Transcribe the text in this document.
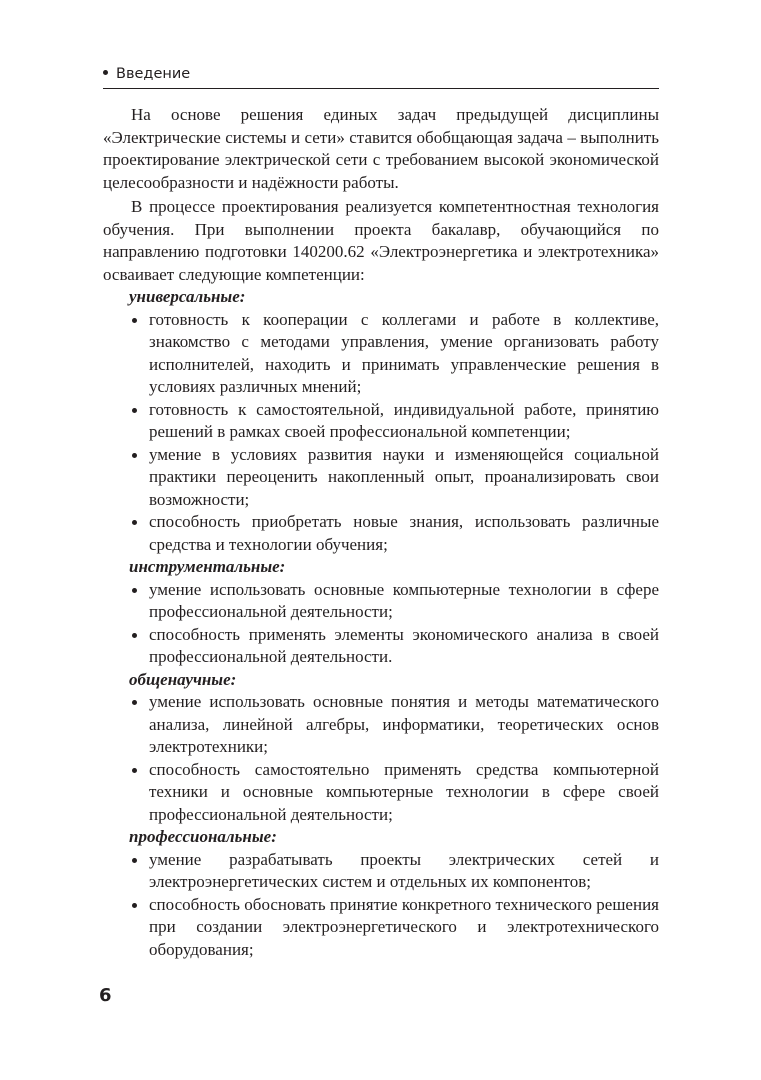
Введение

На основе решения единых задач предыдущей дисциплины «Электрические системы и сети» ставится обобщающая задача – выполнить проектирование электрической сети с требованием высокой экономической целесообразности и надёжности работы.

В процессе проектирования реализуется компетентностная технология обучения. При выполнении проекта бакалавр, обучающийся по направлению подготовки 140200.62 «Электроэнергетика и электротехника» осваивает следующие компетенции:

универсальные:
готовность к кооперации с коллегами и работе в коллективе, знакомство с методами управления, умение организовать работу исполнителей, находить и принимать управленческие решения в условиях различных мнений;
готовность к самостоятельной, индивидуальной работе, принятию решений в рамках своей профессиональной компетенции;
умение в условиях развития науки и изменяющейся социальной практики переоценить накопленный опыт, проанализировать свои возможности;
способность приобретать новые знания, использовать различные средства и технологии обучения;
инструментальные:
умение использовать основные компьютерные технологии в сфере профессиональной деятельности;
способность применять элементы экономического анализа в своей профессиональной деятельности.
общенаучные:
умение использовать основные понятия и методы математического анализа, линейной алгебры, информатики, теоретических основ электротехники;
способность самостоятельно применять средства компьютерной техники и основные компьютерные технологии в сфере своей профессиональной деятельности;
профессиональные:
умение разрабатывать проекты электрических сетей и электроэнергетических систем и отдельных их компонентов;
способность обосновать принятие конкретного технического решения при создании электроэнергетического и электротехнического оборудования;
6
